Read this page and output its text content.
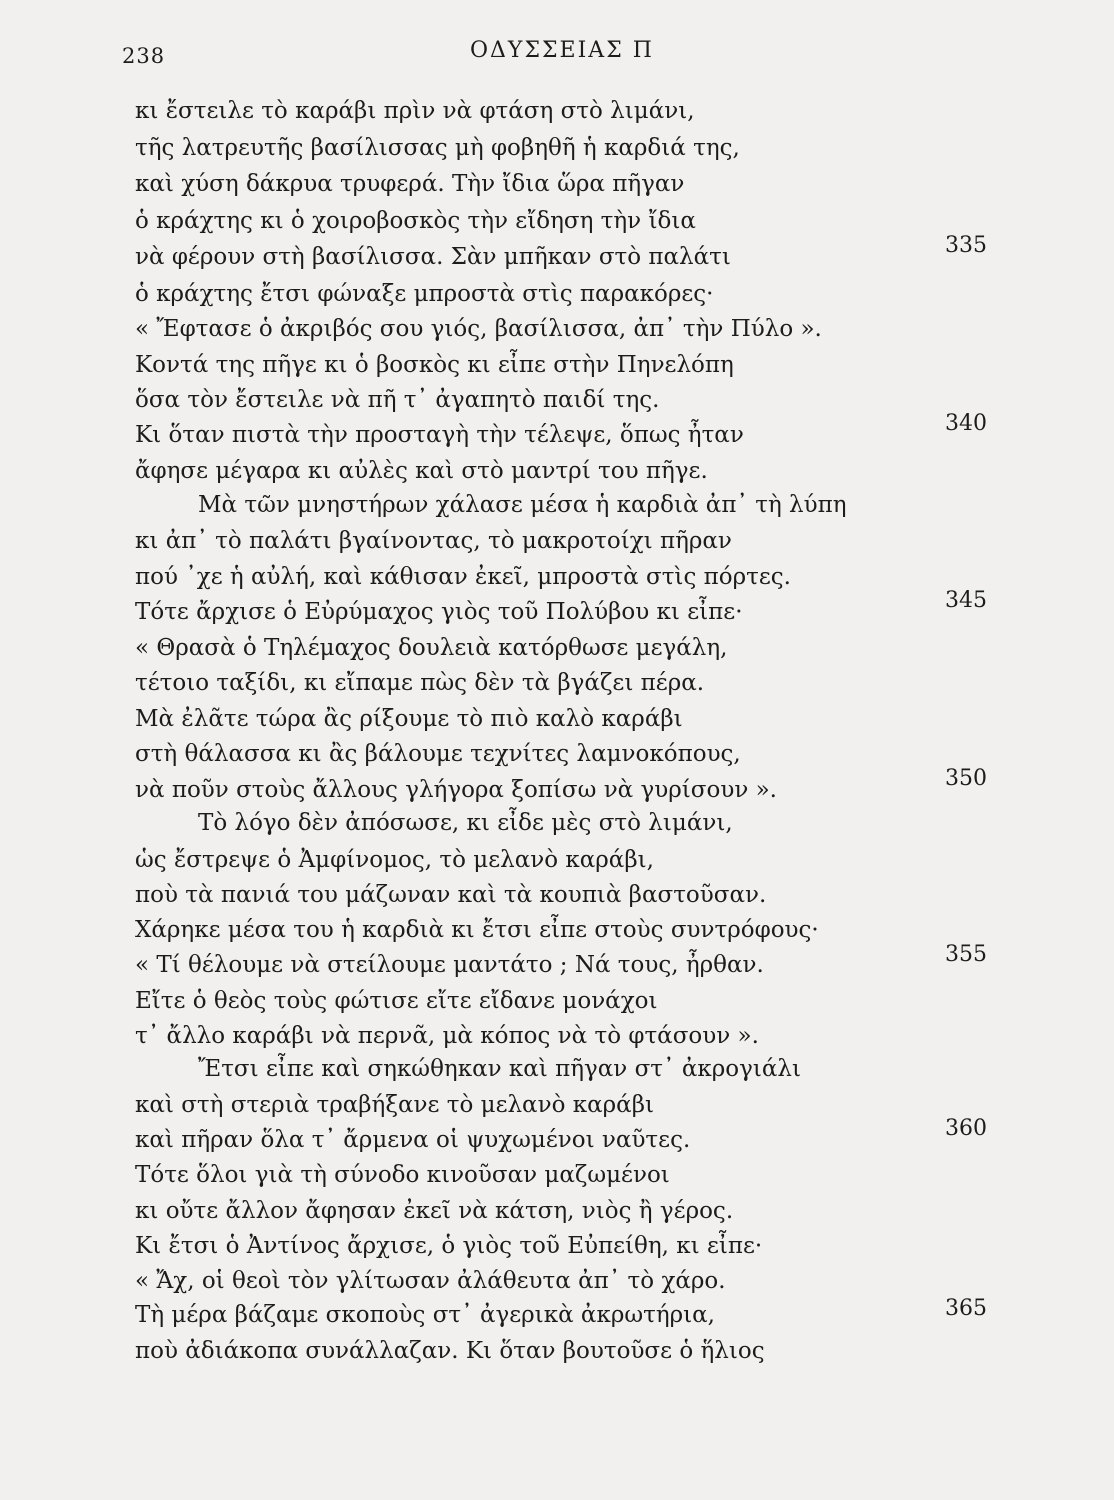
238	ΟΔΥΣΣΕΙΑΣ Π
κι ἔστειλε τὸ καράβι πρὶν νὰ φτάση στὸ λιμάνι,
τῆς λατρευτῆς βασίλισσας μὴ φοβηθῆ ἡ καρδιά της,
καὶ χύση δάκρυα τρυφερά. Τὴν ἴδια ὥρα πῆγαν
ὁ κράχτης κι ὁ χοιροβοσκὸς τὴν εἴδηση τὴν ἴδια
νὰ φέρουν στὴ βασίλισσα. Σὰν μπῆκαν στὸ παλάτι
ὁ κράχτης ἔτσι φώναξε μπροστὰ στὶς παρακόρες·
« Ἔφτασε ὁ ἀκριβός σου γιός, βασίλισσα, ἀπ᾽ τὴν Πύλο ».
Κοντά της πῆγε κι ὁ βοσκὸς κι εἶπε στὴν Πηνελόπη
ὅσα τὸν ἔστειλε νὰ πῆ τ᾽ ἀγαπητὸ παιδί της.
Κι ὅταν πιστὰ τὴν προσταγὴ τὴν τέλεψε, ὅπως ἦταν
ἄφησε μέγαρα κι αὐλὲς καὶ στὸ μαντρί του πῆγε.
Μὰ τῶν μνηστήρων χάλασε μέσα ἡ καρδιὰ ἀπ᾽ τὴ λύπη
κι ἀπ᾽ τὸ παλάτι βγαίνοντας, τὸ μακροτοίχι πῆραν
πού ᾽χε ἡ αὐλή, καὶ κάθισαν ἐκεῖ, μπροστὰ στὶς πόρτες.
Τότε ἄρχισε ὁ Εὐρύμαχος γιὸς τοῦ Πολύβου κι εἶπε·
« Θρασὰ ὁ Τηλέμαχος δουλειὰ κατόρθωσε μεγάλη,
τέτοιο ταξίδι, κι εἴπαμε πὼς δὲν τὰ βγάζει πέρα.
Μὰ ἐλᾶτε τώρα ἂς ρίξουμε τὸ πιὸ καλὸ καράβι
στὴ θάλασσα κι ἂς βάλουμε τεχνίτες λαμνοκόπους,
νὰ ποῦν στοὺς ἄλλους γλήγορα ξοπίσω νὰ γυρίσουν ».
Τὸ λόγο δὲν ἀπόσωσε, κι εἶδε μὲς στὸ λιμάνι,
ὡς ἔστρεψε ὁ Ἀμφίνομος, τὸ μελανὸ καράβι,
ποὺ τὰ πανιά του μάζωναν καὶ τὰ κουπιὰ βαστοῦσαν.
Χάρηκε μέσα του ἡ καρδιὰ κι ἔτσι εἶπε στοὺς συντρόφους·
« Τί θέλουμε νὰ στείλουμε μαντάτο ; Νά τους, ἦρθαν.
Εἴτε ὁ θεὸς τοὺς φώτισε εἴτε εἴδανε μονάχοι
τ᾽ ἄλλο καράβι νὰ περνᾶ, μὰ κόπος νὰ τὸ φτάσουν ».
Ἔτσι εἶπε καὶ σηκώθηκαν καὶ πῆγαν στ᾽ ἀκρογιάλι
καὶ στὴ στεριὰ τραβήξανε τὸ μελανὸ καράβι
καὶ πῆραν ὅλα τ᾽ ἄρμενα οἱ ψυχωμένοι ναῦτες.
Τότε ὅλοι γιὰ τὴ σύνοδο κινοῦσαν μαζωμένοι
κι οὔτε ἄλλον ἄφησαν ἐκεῖ νὰ κάτση, νιὸς ἢ γέρος.
Κι ἔτσι ὁ Ἀντίνος ἄρχισε, ὁ γιὸς τοῦ Εὐπείθη, κι εἶπε·
« Ἄχ, οἱ θεοὶ τὸν γλίτωσαν ἀλάθευτα ἀπ᾽ τὸ χάρο.
Τὴ μέρα βάζαμε σκοποὺς στ᾽ ἀγερικὰ ἀκρωτήρια,
ποὺ ἀδιάκοπα συνάλλαζαν. Κι ὅταν βουτοῦσε ὁ ἥλιος
335
340
345
350
355
360
365
